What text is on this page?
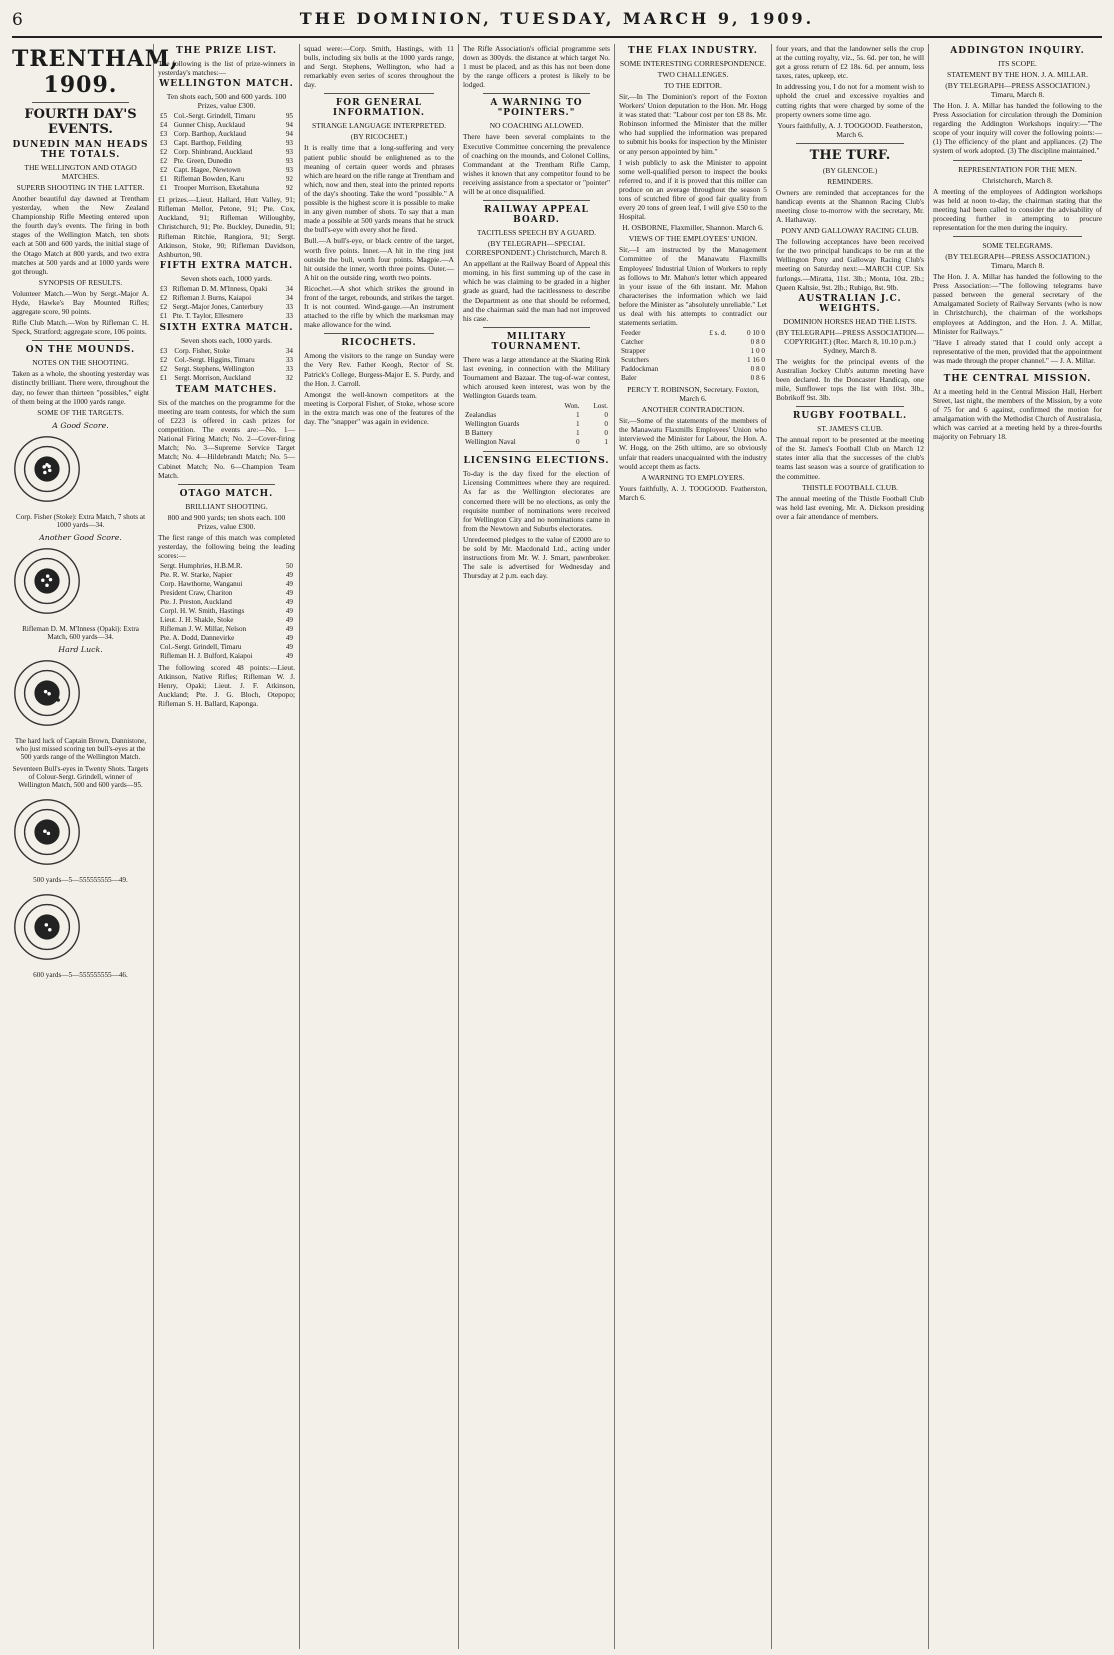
6	THE DOMINION, TUESDAY, MARCH 9, 1909.
TRENTHAM, 1909.
FOURTH DAY'S EVENTS.
DUNEDIN MAN HEADS THE TOTALS.
THE WELLINGTON AND OTAGO MATCHES.
SUPERB SHOOTING IN THE LATTER.

Another beautiful day dawned at Trentham yesterday, when the New Zealand Championship Rifle Meeting entered upon the fourth day's events. The firing in both stages of the Wellington Match, ten shots each at 500 and 600 yards, the initial stage of the Otago Match at 800 yards, and two extra matches at 500 yards and at 1000 yards were got through.

SYNOPSIS OF RESULTS.

Volunteer Match.—Won by Sergt.-Major A. Hyde, Hawke's Bay Mounted Rifles; aggregate score, 90 points.

Rifle Club Match.—Won by Rifleman C. H. Speck, Stratford; aggregate score, 106 points.

ON THE MOUNDS.
NOTES ON THE SHOOTING.

Taken as a whole, the shooting yesterday was distinctly brilliant. There were, throughout the day, no fewer than thirteen "possibles," eight of them being at the 1000 yards range.

SOME OF THE TARGETS.
A Good Score.
Corp. Fisher (Stoke): Extra Match, 7 shots at 1000 yards—34.
Another Good Score.
Rifleman D. M. M'Inness (Opaki): Extra Match, 600 yards—34.
Hard Luck.
The hard luck of Captain Brown, Dannistone, who just missed scoring ten bull's-eyes at the 500 yards range of the Wellington Match.
Seventeen Bull's-eyes in Twenty Shots. Targets of Colour-Sergt. Grindell, winner of Wellington Match, 500 and 600 yards—95.
500 yards—5—555555555—49.
600 yards—5—555555555—46.
THE PRIZE LIST.

The following is the list of prize-winners in yesterday's matches:—

WELLINGTON MATCH.
Ten shots each, 500 and 600 yards. 100 Prizes, value £300.
£5	Col.-Sergt. Grindell, Timaru	95
£4	Gunner Chisp, Aucklaud	94
£3	Corp. Barthop, Aucklaud	94
£3	Capt. Barthop, Feilding	93
£2	Corp. Shinbrand, Aucklaud	93
£2	Pte. Green, Dunedin	93
£2	Capt. Hagee, Newtown	93
£1	Rifleman Bowden, Karu	92
£1	Trooper Morrison, Eketahuna	92

£1 prizes.—Lieut. Hallard, Hutt Valley, 91; Rifleman Mellor, Petone, 91; Pte. Cox, Auckland, 91; Rifleman Willoughby, Christchurch, 91; Pte. Buckley, Dunedin, 91; Rifleman Ritchie, Rangiora, 91; Sergt. Atkinson, Stoke, 90; Rifleman Davidson, Ashburton, 90.

FIFTH EXTRA MATCH.
Seven shots each, 1000 yards.
£3	Rifleman D. M. M'Inness, Opaki	34
£2	Rifleman J. Burns, Kaiapoi	34
£2	Sergt.-Major Jones, Canterbury	33
£1	Pte. T. Taylor, Ellesmere	33
SIXTH EXTRA MATCH.
Seven shots each, 1000 yards.
£3	Corp. Fisher, Stoke	34
£2	Col.-Sergt. Higgins, Timaru	33
£2	Sergt. Stephens, Wellington	33
£1	Sergt. Morrison, Auckland	32
TEAM MATCHES.

Six of the matches on the programme for the meeting are team contests, for which the sum of £223 is offered in cash prizes for competition. The events are:—No. 1—National Firing Match; No. 2—Cover-firing Match; No. 3—Supreme Service Target Match; No. 4—Hildebrandt Match; No. 5—Cabinet Match; No. 6—Champion Team Match.

OTAGO MATCH.
BRILLIANT SHOOTING.
800 and 900 yards; ten shots each. 100 Prizes, value £300.

The first range of this match was completed yesterday, the following being the leading scores:—

Sergt. Humphries, H.B.M.R.	50
Pte. R. W. Starke, Napier	49
Corp. Hawthorne, Wanganui	49
President Craw, Chariton	49
Pte. J. Preston, Auckland	49
Corpl. H. W. Smith, Hastings	49
Lieut. J. H. Shakle, Stoke	49
Rifleman J. W. Millar, Nelson	49
Pte. A. Dodd, Dannevirke	49
Col.-Sergt. Grindell, Timaru	49
Rifleman H. J. Bulford, Kaiapoi	49

The following scored 48 points:—Lieut. Atkinson, Native Rifles; Rifleman W. J. Henry, Opaki; Lieut. J. F. Atkinson, Auckland; Pte. J. G. Bloch, Otepopo; Rifleman S. H. Ballard, Kaponga.

squad were:—Corp. Smith, Hastings, with 11 bulls, including six bulls at the 1000 yards range, and Sergt. Stephens, Wellington, who had a remarkably even series of scores throughout the day.

FOR GENERAL INFORMATION.
STRANGE LANGUAGE INTERPRETED.
(BY RICOCHET.)

It is really time that a long-suffering and very patient public should be enlightened as to the meaning of certain queer words and phrases which are heard on the rifle range at Trentham and which, now and then, steal into the printed reports of the day's shooting. Take the word "possible." A possible is the highest score it is possible to make in any given number of shots. To say that a man made a possible at 500 yards means that he struck the bull's-eye with every shot he fired.

Bull.—A bull's-eye, or black centre of the target, worth five points. Inner.—A hit in the ring just outside the bull, worth four points. Magpie.—A hit outside the inner, worth three points. Outer.—A hit on the outside ring, worth two points.

Ricochet.—A shot which strikes the ground in front of the target, rebounds, and strikes the target. It is not counted. Wind-gauge.—An instrument attached to the rifle by which the marksman may make allowance for the wind.

RICOCHETS.

Among the visitors to the range on Sunday were the Very Rev. Father Keogh, Rector of St. Patrick's College, Burgess-Major E. S. Purdy, and the Hon. J. Carroll.

Amongst the well-known competitors at the meeting is Corporal Fisher, of Stoke, whose score in the extra match was one of the features of the day. The "snapper" was again in evidence.

The Rifle Association's official programme sets down as 300yds. the distance at which target No. 1 must be placed, and as this has not been done by the range officers a protest is likely to be lodged.

A WARNING TO "POINTERS."
NO COACHING ALLOWED.

There have been several complaints to the Executive Committee concerning the prevalence of coaching on the mounds, and Colonel Collins, Commandant at the Trentham Rifle Camp, wishes it known that any competitor found to be receiving assistance from a spectator or "pointer" will be at once disqualified.

RAILWAY APPEAL BOARD.
TACITLESS SPEECH BY A GUARD.
(BY TELEGRAPH—SPECIAL CORRESPONDENT.) Christchurch, March 8.

An appellant at the Railway Board of Appeal this morning, in his first summing up of the case in which he was claiming to be graded in a higher grade as guard, had the tacitlessness to describe the Department as one that should be reformed, and the chairman said the man had not improved his case.

MILITARY TOURNAMENT.

There was a large attendance at the Skating Rink last evening, in connection with the Military Tournament and Bazaar. The tug-of-war contest, which aroused keen interest, was won by the Wellington Guards team.

	Won.	Lost.
Zealandias	1	0
Wellington Guards	1	0
B Battery	1	0
Wellington Naval	0	1
LICENSING ELECTIONS.

To-day is the day fixed for the election of Licensing Committees where they are required. As far as the Wellington electorates are concerned there will be no elections, as only the requisite number of nominations were received for Wellington City and no nominations came in from the Newtown and Suburbs electorates.

Unredeemed pledges to the value of £2000 are to be sold by Mr. Macdonald Ltd., acting under instructions from Mr. W. J. Smart, pawnbroker. The sale is advertised for Wednesday and Thursday at 2 p.m. each day.

THE FLAX INDUSTRY.
SOME INTERESTING CORRESPONDENCE.
TWO CHALLENGES.
TO THE EDITOR.

Sir,—In The Dominion's report of the Foxton Workers' Union deputation to the Hon. Mr. Hogg it was stated that: "Labour cost per ton £8 8s. Mr. Robinson informed the Minister that the miller who had supplied the information was prepared to submit his books for inspection by the Minister or any person appointed by him."

I wish publicly to ask the Minister to appoint some well-qualified person to inspect the books referred to, and if it is proved that this miller can produce on an average throughout the season 5 tons of scutched fibre of good fair quality from every 20 tons of green leaf, I will give £50 to the Hospital.

H. OSBORNE, Flaxmiller, Shannon. March 6.
VIEWS OF THE EMPLOYEES' UNION.

Sir,—I am instructed by the Management Committee of the Manawatu Flaxmills Employees' Industrial Union of Workers to reply as follows to Mr. Mahon's letter which appeared in your issue of the 6th instant. Mr. Mahon characterises the information which we laid before the Minister as "absolutely unreliable." Let us deal with his attempts to contradict our statements seriatim.

Feeder	£ s. d.	0 10 0
Catcher		0 8 0
Strapper		1 0 0
Scutchers		1 16 0
Paddockman		0 8 0
Baler		0 8 6
PERCY T. ROBINSON, Secretary. Foxton, March 6.
ANOTHER CONTRADICTION.

Sir,—Some of the statements of the members of the Manawatu Flaxmills Employees' Union who interviewed the Minister for Labour, the Hon. A. W. Hogg, on the 26th ultimo, are so obviously unfair that readers unacquainted with the industry would accept them as facts.

A WARNING TO EMPLOYERS.

Yours faithfully, A. J. TOOGOOD. Featherston, March 6.

four years, and that the landowner sells the crop at the cutting royalty, viz., 5s. 6d. per ton, he will get a gross return of £2 18s. 6d. per annum, less taxes, rates, upkeep, etc.

In addressing you, I do not for a moment wish to uphold the cruel and excessive royalties and cutting rights that were charged by some of the property owners some time ago.

Yours faithfully, A. J. TOOGOOD. Featherston, March 6.
THE TURF.
(BY GLENCOE.)
REMINDERS.

Owners are reminded that acceptances for the handicap events at the Shannon Racing Club's meeting close to-morrow with the secretary, Mr. A. Hathaway.

PONY AND GALLOWAY RACING CLUB.

The following acceptances have been received for the two principal handicaps to be run at the Wellington Pony and Galloway Racing Club's meeting on Saturday next:—MARCH CUP. Six furlongs.—Miratta, 11st. 3lb.; Monta, 10st. 2lb.; Queen Kaltsie, 9st. 2lb.; Rubigo, 8st. 9lb.

AUSTRALIAN J.C. WEIGHTS.
DOMINION HORSES HEAD THE LISTS.
(BY TELEGRAPH—PRESS ASSOCIATION—COPYRIGHT.) (Rec. March 8, 10.10 p.m.) Sydney, March 8.

The weights for the principal events of the Australian Jockey Club's autumn meeting have been declared. In the Doncaster Handicap, one mile, Sunflower tops the list with 10st. 3lb., Bobrikoff 9st. 3lb.

RUGBY FOOTBALL.
ST. JAMES'S CLUB.

The annual report to be presented at the meeting of the St. James's Football Club on March 12 states inter alia that the successes of the club's teams last season was a source of gratification to the committee.

THISTLE FOOTBALL CLUB.

The annual meeting of the Thistle Football Club was held last evening, Mr. A. Dickson presiding over a fair attendance of members.

ADDINGTON INQUIRY.
ITS SCOPE.
STATEMENT BY THE HON. J. A. MILLAR.
(BY TELEGRAPH—PRESS ASSOCIATION.) Timaru, March 8.

The Hon. J. A. Millar has handed the following to the Press Association for circulation through the Dominion regarding the Addington Workshops inquiry:—"The scope of your inquiry will cover the following points:—(1) The efficiency of the plant and appliances. (2) The system of work adopted. (3) The discipline maintained."

REPRESENTATION FOR THE MEN.
Christchurch, March 8.

A meeting of the employees of Addington workshops was held at noon to-day, the chairman stating that the meeting had been called to consider the advisability of proceeding further in attempting to procure representation for the men during the inquiry.

SOME TELEGRAMS.
(BY TELEGRAPH—PRESS ASSOCIATION.) Timaru, March 8.

The Hon. J. A. Millar has handed the following to the Press Association:—"The following telegrams have passed between the general secretary of the Amalgamated Society of Railway Servants (who is now in Christchurch), the chairman of the workshops employees at Addington, and the Hon. J. A. Millar, Minister for Railways."

"Have I already stated that I could only accept a representative of the men, provided that the appointment was made through the proper channel." — J. A. Millar.

THE CENTRAL MISSION.

At a meeting held in the Central Mission Hall, Herbert Street, last night, the members of the Mission, by a vote of 75 for and 6 against, confirmed the motion for amalgamation with the Methodist Church of Australasia, which was carried at a meeting held by a three-fourths majority on February 18.
